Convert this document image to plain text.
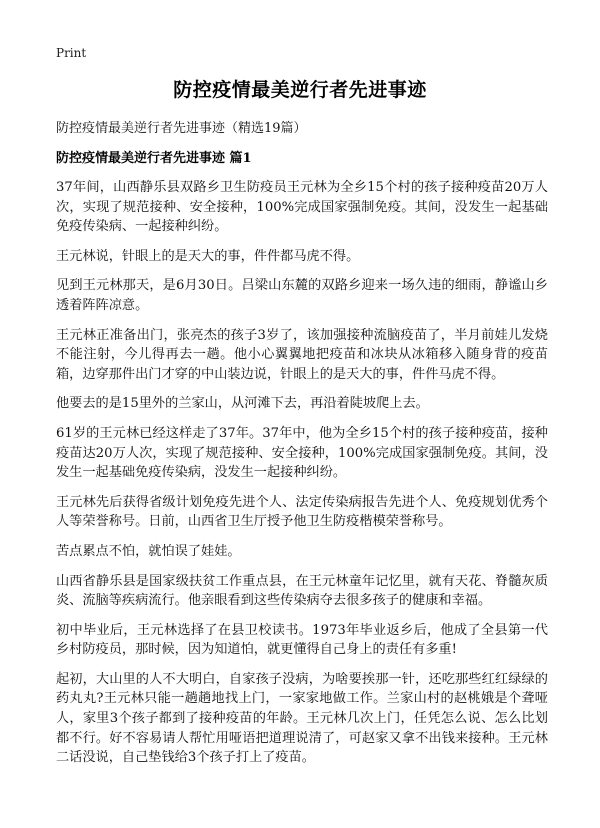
Print
防控疫情最美逆行者先进事迹
防控疫情最美逆行者先进事迹（精选19篇）
防控疫情最美逆行者先进事迹 篇1

37年间，山西静乐县双路乡卫生防疫员王元林为全乡15个村的孩子接种疫苗20万人次，实现了规范接种、安全接种，100%完成国家强制免疫。其间，没发生一起基础免疫传染病、一起接种纠纷。

王元林说，针眼上的是天大的事，件件都马虎不得。

见到王元林那天，是6月30日。吕梁山东麓的双路乡迎来一场久违的细雨，静谧山乡透着阵阵凉意。

王元林正准备出门，张亮杰的孩子3岁了，该加强接种流脑疫苗了，半月前娃儿发烧不能注射，今儿得再去一趟。他小心翼翼地把疫苗和冰块从冰箱移入随身背的疫苗箱，边穿那件出门才穿的中山装边说，针眼上的是天大的事，件件马虎不得。

他要去的是15里外的兰家山，从河滩下去，再沿着陡坡爬上去。

61岁的王元林已经这样走了37年。37年中，他为全乡15个村的孩子接种疫苗，接种疫苗达20万人次，实现了规范接种、安全接种，100%完成国家强制免疫。其间，没发生一起基础免疫传染病，没发生一起接种纠纷。

王元林先后获得省级计划免疫先进个人、法定传染病报告先进个人、免疫规划优秀个人等荣誉称号。日前，山西省卫生厅授予他卫生防疫楷模荣誉称号。

苦点累点不怕，就怕误了娃娃。

山西省静乐县是国家级扶贫工作重点县，在王元林童年记忆里，就有天花、脊髓灰质炎、流脑等疾病流行。他亲眼看到这些传染病夺去很多孩子的健康和幸福。

初中毕业后，王元林选择了在县卫校读书。1973年毕业返乡后，他成了全县第一代乡村防疫员，那时候，因为知道怕，就更懂得自己身上的责任有多重!

起初，大山里的人不大明白，自家孩子没病，为啥要挨那一针，还吃那些红红绿绿的药丸丸?王元林只能一趟趟地找上门，一家家地做工作。兰家山村的赵桃娥是个聋哑人，家里3个孩子都到了接种疫苗的年龄。王元林几次上门，任凭怎么说、怎么比划都不行。好不容易请人帮忙用哑语把道理说清了，可赵家又拿不出钱来接种。王元林二话没说，自己垫钱给3个孩子打上了疫苗。
